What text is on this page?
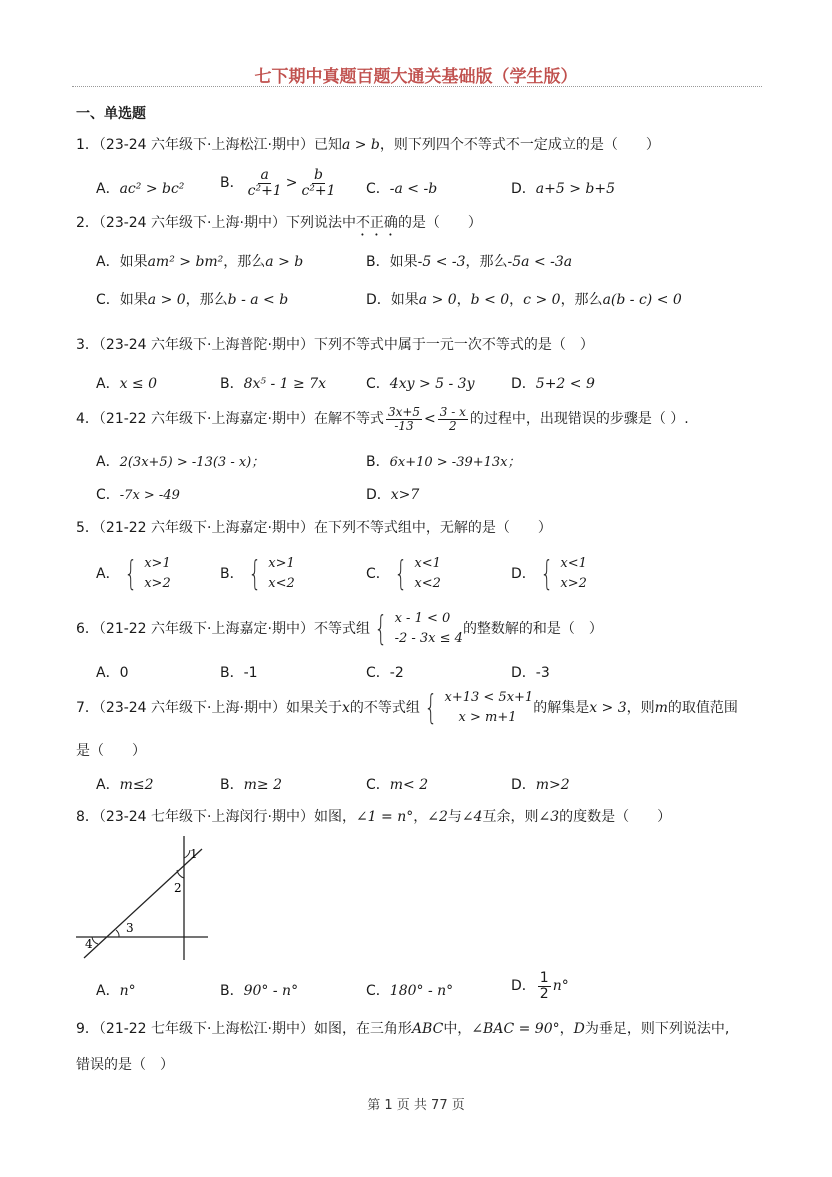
七下期中真题百题大通关基础版（学生版）
一、单选题
1．（23-24 六年级下·上海松江·期中）已知a > b，则下列四个不等式不一定成立的是（　　）
A．ac² > bc²	B． $\frac{a}{\text{c²+1}} > \frac{b}{\text{c²+1}}$ C．-a < -b	D．a+5 > b+5
2．（23-24 六年级下·上海·期中）下列说法中不正确的是（　　）
A．如果am² > bm²，那么a > b	B．如果-5 < -3，那么-5a < -3a
C．如果a > 0，那么b - a < b	D．如果a > 0，b < 0，c > 0，那么a(b - c) < 0
3．（23-24 六年级下·上海普陀·期中）下列不等式中属于一元一次不等式的是（　）
A．x ≤ 0	B．8x⁵ - 1 ≥ 7x	C．4xy > 5 - 3y	D．5+2 < 9
4．（21-22 六年级下·上海嘉定·期中）在解不等式 $\frac{3x+5}{-13} < \frac{3 - x}{2}$ 的过程中，出现错误的步骤是（ ）.
A．2(3x+5) > -13(3 - x)；	B．6x+10 > -39+13x；
C．-7x > -49	D．x>7
5．（21-22 六年级下·上海嘉定·期中）在下列不等式组中，无解的是（　　）
A． { x>1
x>2
B． { x>1
x<2
C． { x<1
x<2
D． { x<1
x>2
6．（21-22 六年级下·上海嘉定·期中）不等式组 { x - 1 < 0
-2 - 3x ≤ 4
的整数解的和是（　）
A．0	B．-1	C．-2	D．-3
7．（23-24 六年级下·上海·期中）如果关于x的不等式组 { x+13 < 5x+1
x > m+1
的解集是x > 3，则m的取值范围
是（　　）
A．m≤2	B．m≥ 2	C．m< 2	D．m>2
8．（23-24 七年级下·上海闵行·期中）如图，∠1 = n°，∠2与∠4互余，则∠3的度数是（　　）
1
2
3
4
A．n°	B．90° - n°	C．180° - n°	D． $\frac{1}{2} n^\circ$
9．（21-22 七年级下·上海松江·期中）如图，在三角形ABC中，∠BAC = 90°，D为垂足，则下列说法中,
错误的是（　）
第 1 页 共 77 页
